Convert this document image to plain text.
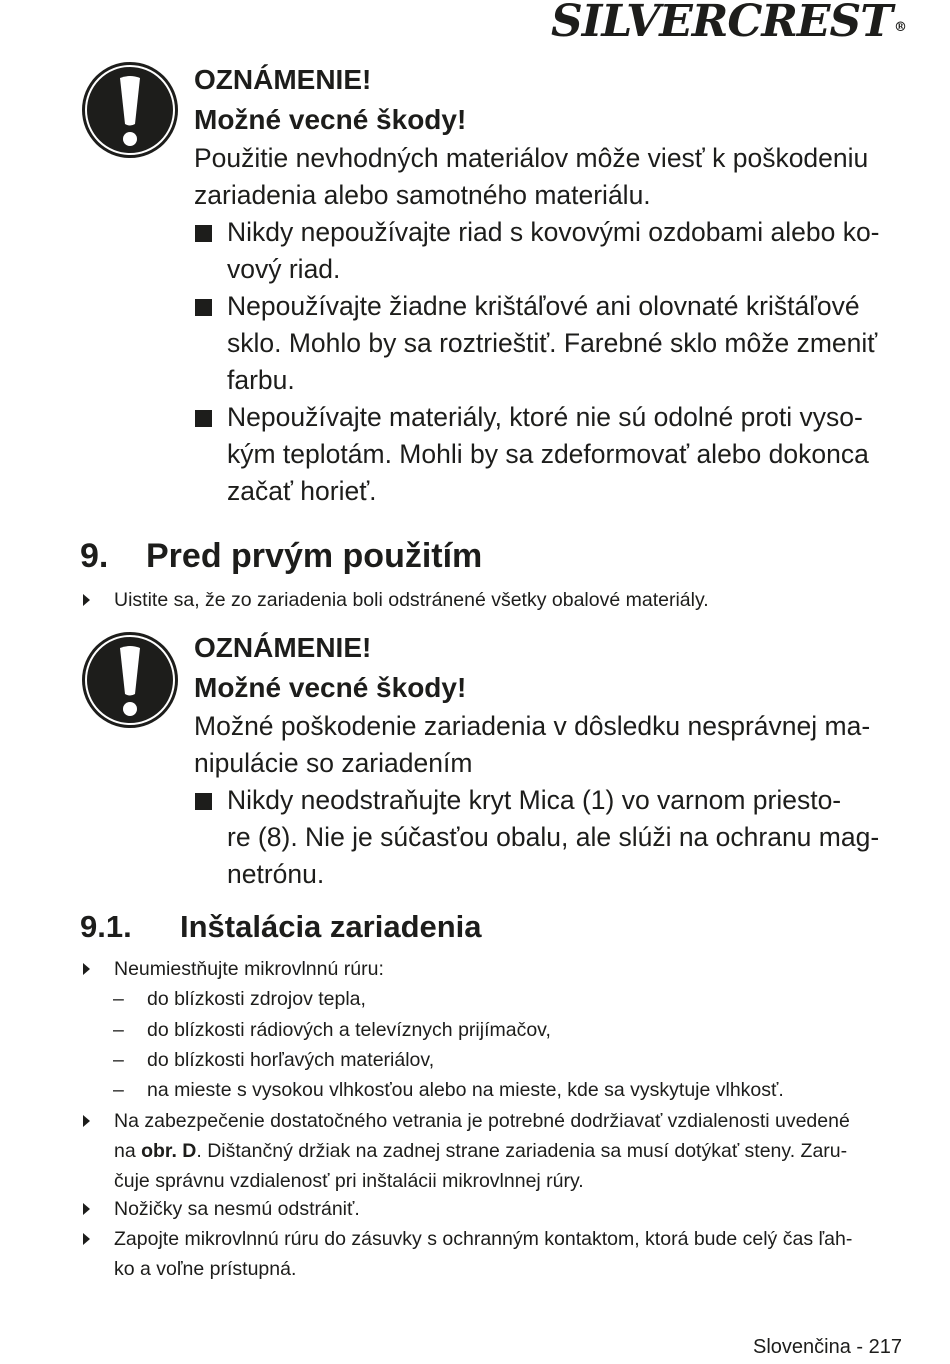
SILVERCREST ®
OZNÁMENIE!
Možné vecné škody!
Použitie nevhodných materiálov môže viesť k poškodeniu
zariadenia alebo samotného materiálu.
Nikdy nepoužívajte riad s kovovými ozdobami alebo ko-
vový riad.
Nepoužívajte žiadne krištáľové ani olovnaté krištáľové
sklo. Mohlo by sa roztrieštiť. Farebné sklo môže zmeniť
farbu.
Nepoužívajte materiály, ktoré nie sú odolné proti vyso-
kým teplotám. Mohli by sa zdeformovať alebo dokonca
začať horieť.
9. Pred prvým použitím
Uistite sa, že zo zariadenia boli odstránené všetky obalové materiály.
OZNÁMENIE!
Možné vecné škody!
Možné poškodenie zariadenia v dôsledku nesprávnej ma-
nipulácie so zariadením
Nikdy neodstraňujte kryt Mica (1) vo varnom priesto-
re (8). Nie je súčasťou obalu, ale slúži na ochranu mag-
netrónu.
9.1. Inštalácia zariadenia
Neumiestňujte mikrovlnnú rúru:
– do blízkosti zdrojov tepla,
– do blízkosti rádiových a televíznych prijímačov,
– do blízkosti horľavých materiálov,
– na mieste s vysokou vlhkosťou alebo na mieste, kde sa vyskytuje vlhkosť.
Na zabezpečenie dostatočného vetrania je potrebné dodržiavať vzdialenosti uvedené
na obr. D. Dištančný držiak na zadnej strane zariadenia sa musí dotýkať steny. Zaru-
čuje správnu vzdialenosť pri inštalácii mikrovlnnej rúry.
Nožičky sa nesmú odstrániť.
Zapojte mikrovlnnú rúru do zásuvky s ochranným kontaktom, ktorá bude celý čas ľah-
ko a voľne prístupná.
Slovenčina - 217
